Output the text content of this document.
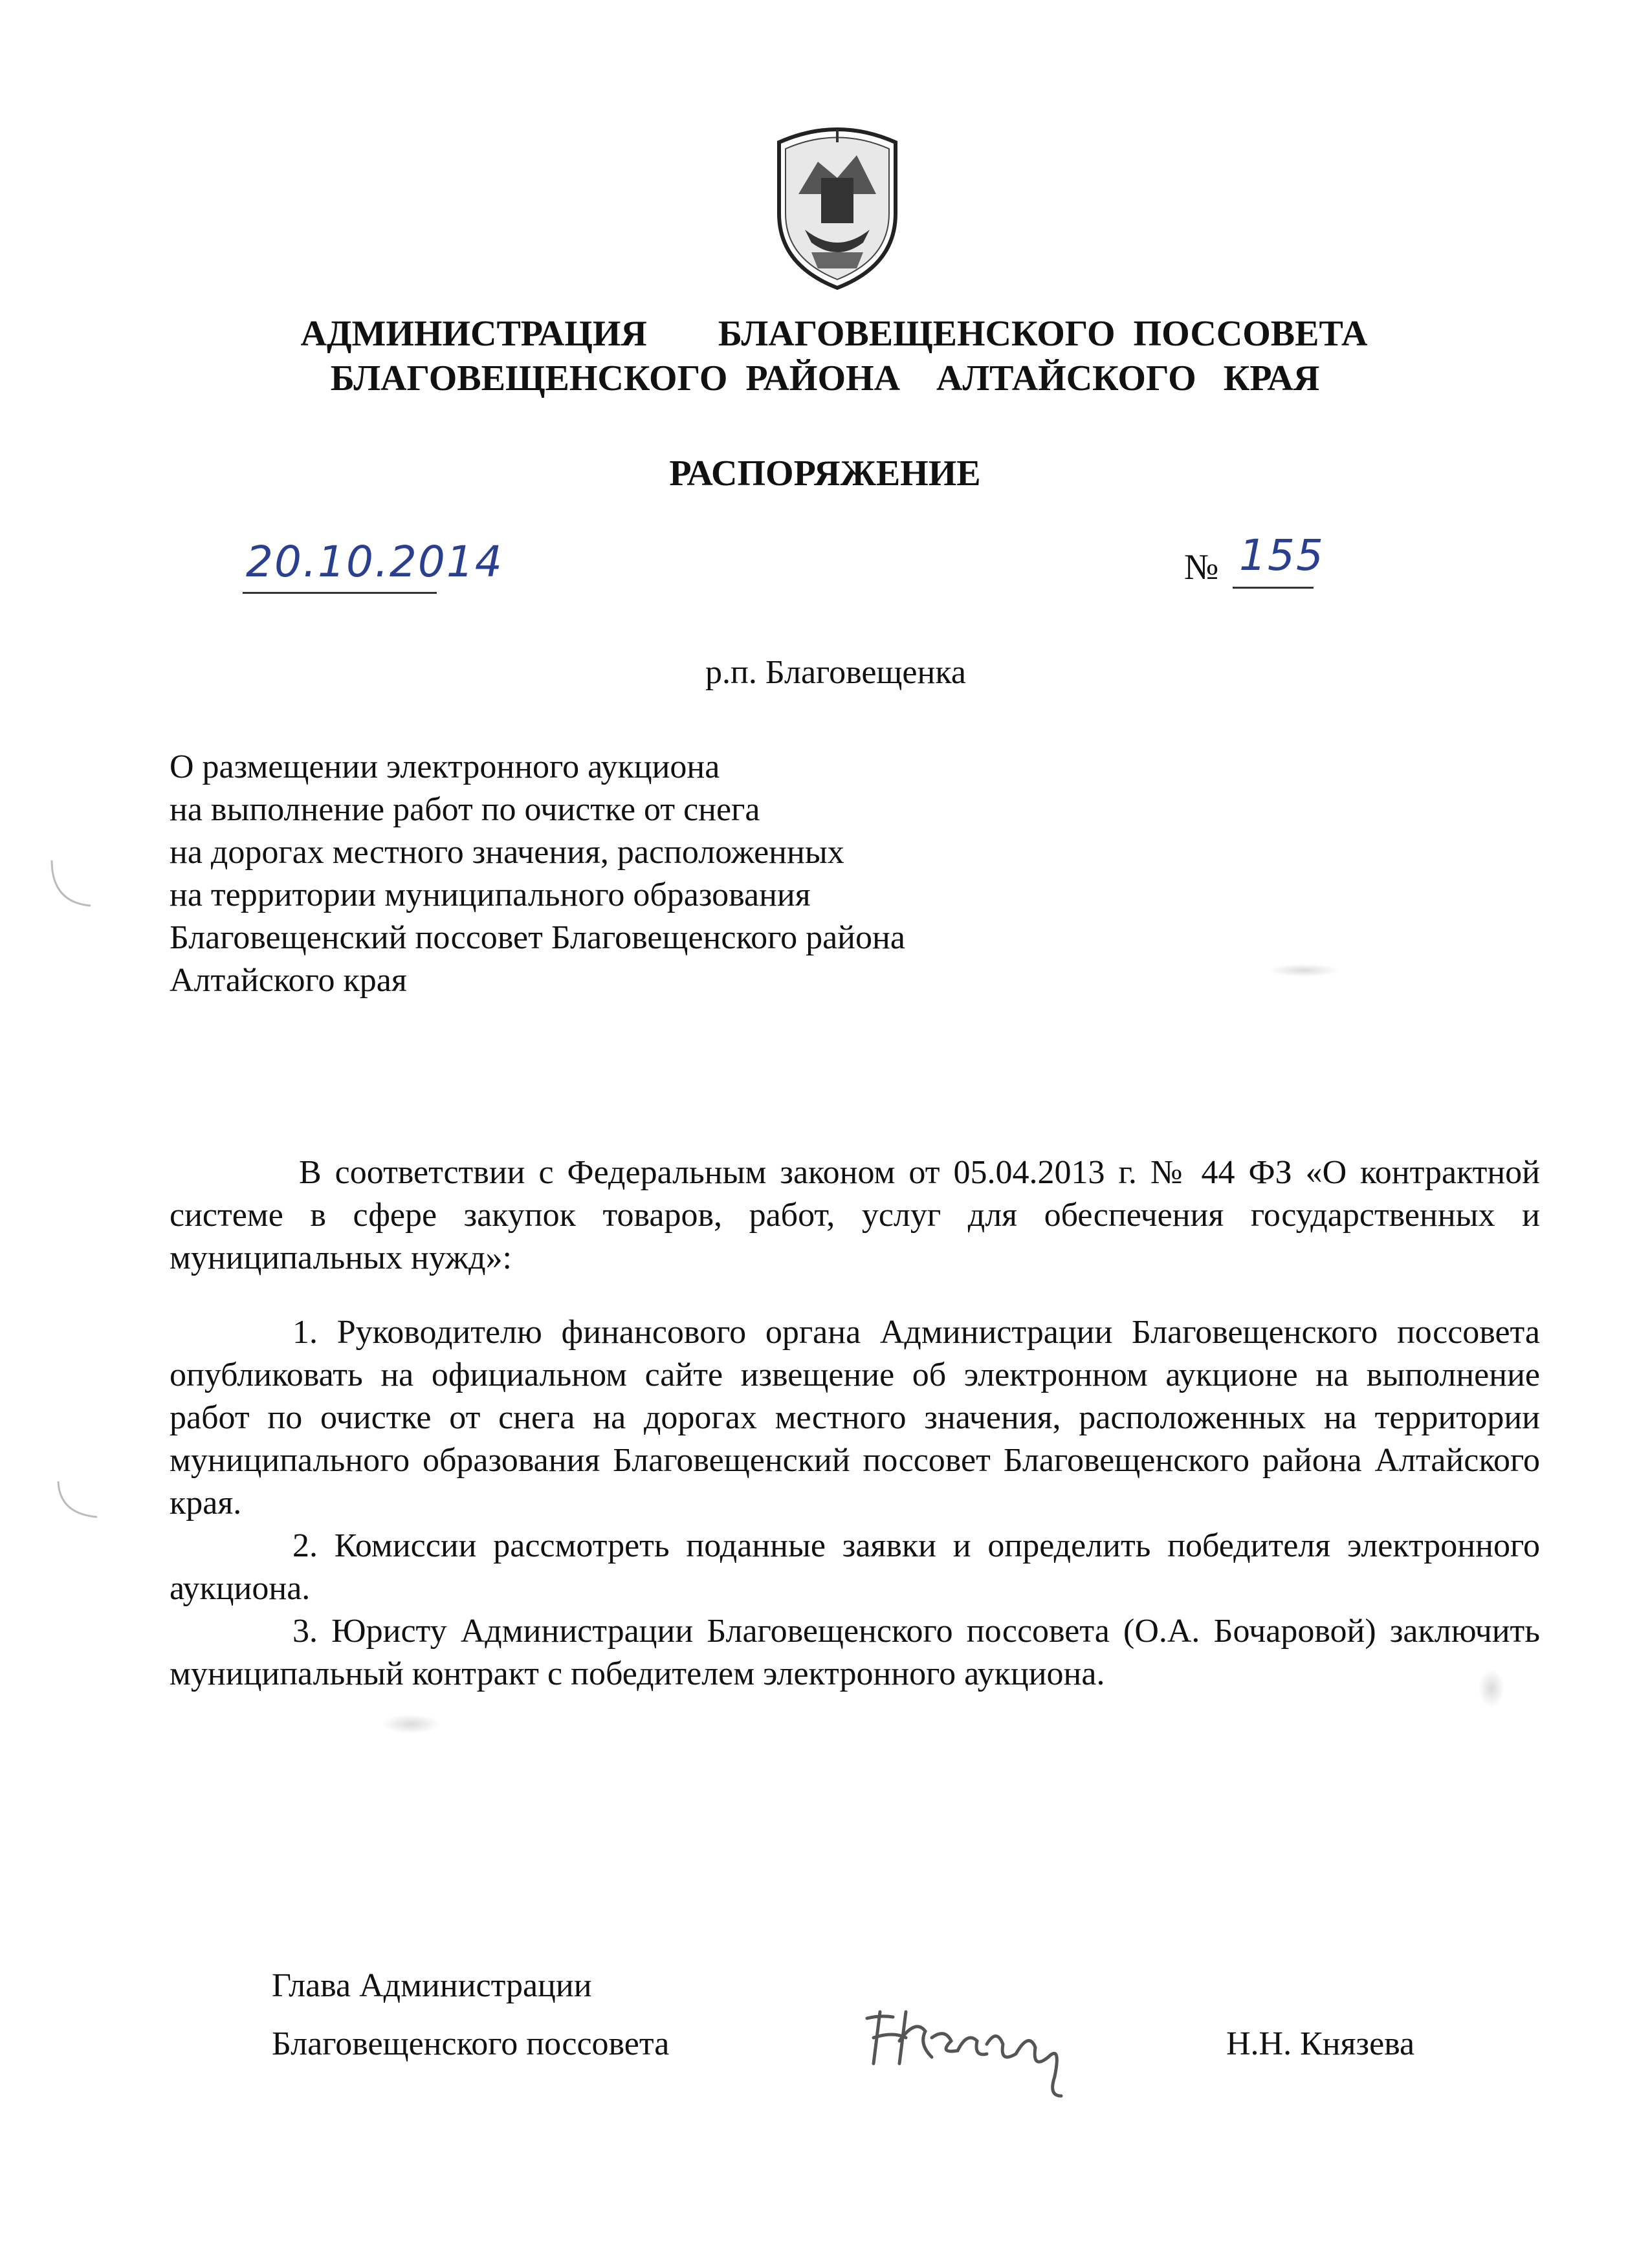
АДМИНИСТРАЦИЯ БЛАГОВЕЩЕНСКОГО  ПОССОВЕТА

БЛАГОВЕЩЕНСКОГО  РАЙОНА    АЛТАЙСКОГО   КРАЯ
РАСПОРЯЖЕНИЕ
20.10.2014	№ 155
р.п. Благовещенка
О размещении электронного аукциона
на выполнение работ по очистке от снега
на дорогах местного значения, расположенных
на территории муниципального образования
Благовещенский поссовет Благовещенского района
Алтайского края

В соответствии с Федеральным законом от 05.04.2013 г. № 44 ФЗ «О контрактной системе в сфере закупок товаров, работ, услуг для обеспечения государственных и муниципальных нужд»:

1. Руководителю финансового органа Администрации Благовещенского поссовета опубликовать на официальном сайте извещение об электронном аукционе на выполнение работ по очистке от снега на дорогах местного значения, расположенных на территории муниципального образования Благовещенский поссовет Благовещенского района Алтайского края.

2. Комиссии рассмотреть поданные заявки и определить победителя электронного аукциона.

3. Юристу Администрации Благовещенского поссовета (О.А. Бочаровой) заключить муниципальный контракт с победителем электронного аукциона.

Глава Администрации
Благовещенского поссовета	Н.Н. Князева
